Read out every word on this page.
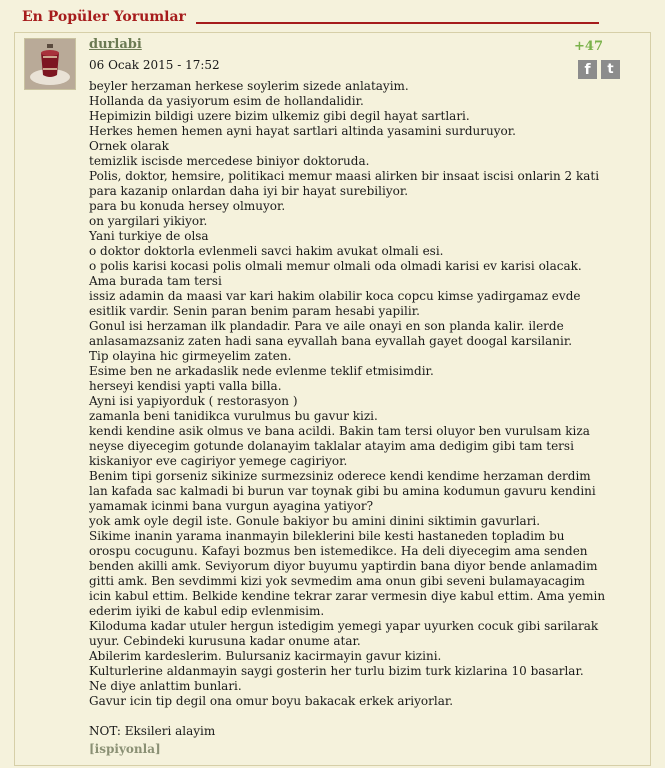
En Popüler Yorumlar
durlabi
06 Ocak 2015 - 17:52
+47
f	t
beyler herzaman herkese soylerim sizede anlatayim.
Hollanda da yasiyorum esim de hollandalidir.
Hepimizin bildigi uzere bizim ulkemiz gibi degil hayat sartlari.
Herkes hemen hemen ayni hayat sartlari altinda yasamini surduruyor.
Ornek olarak
temizlik iscisde mercedese biniyor doktoruda.
Polis, doktor, hemsire, politikaci memur maasi alirken bir insaat iscisi onlarin 2 kati para kazanip onlardan daha iyi bir hayat surebiliyor.
para bu konuda hersey olmuyor.
on yargilari yikiyor.
Yani turkiye de olsa
o doktor doktorla evlenmeli savci hakim avukat olmali esi.
o polis karisi kocasi polis olmali memur olmali oda olmadi karisi ev karisi olacak.
Ama burada tam tersi
issiz adamin da maasi var kari hakim olabilir koca copcu kimse yadirgamaz evde esitlik vardir. Senin paran benim param hesabi yapilir.
Gonul isi herzaman ilk plandadir. Para ve aile onayi en son planda kalir. ilerde anlasamazsaniz zaten hadi sana eyvallah bana eyvallah gayet doogal karsilanir.
Tip olayina hic girmeyelim zaten.
Esime ben ne arkadaslik nede evlenme teklif etmisimdir.
herseyi kendisi yapti valla billa.
Ayni isi yapiyorduk ( restorasyon )
zamanla beni tanidikca vurulmus bu gavur kizi.
kendi kendine asik olmus ve bana acildi. Bakin tam tersi oluyor ben vurulsam kiza neyse diyecegim gotunde dolanayim taklalar atayim ama dedigim gibi tam tersi kiskaniyor eve cagiriyor yemege cagiriyor.
Benim tipi gorseniz sikinize surmezsiniz oderece kendi kendime herzaman derdim lan kafada sac kalmadi bi burun var toynak gibi bu amina kodumun gavuru kendini yamamak icinmi bana vurgun ayagina yatiyor?
yok amk oyle degil iste. Gonule bakiyor bu amini dinini siktimin gavurlari.
Sikime inanin yarama inanmayin bileklerini bile kesti hastaneden topladim bu orospu cocugunu. Kafayi bozmus ben istemedikce. Ha deli diyecegim ama senden benden akilli amk. Seviyorum diyor buyumu yaptirdin bana diyor bende anlamadim gitti amk. Ben sevdimmi kizi yok sevmedim ama onun gibi seveni bulamayacagim icin kabul ettim. Belkide kendine tekrar zarar vermesin diye kabul ettim. Ama yemin ederim iyiki de kabul edip evlenmisim.
Kiloduma kadar utuler hergun istedigim yemegi yapar uyurken cocuk gibi sarilarak uyur. Cebindeki kurusuna kadar onume atar.
Abilerim kardeslerim. Bulursaniz kacirmayin gavur kizini.
Kulturlerine aldanmayin saygi gosterin her turlu bizim turk kizlarina 10 basarlar.
Ne diye anlattim bunlari.
Gavur icin tip degil ona omur boyu bakacak erkek ariyorlar.

NOT: Eksileri alayim
[ispiyonla]
